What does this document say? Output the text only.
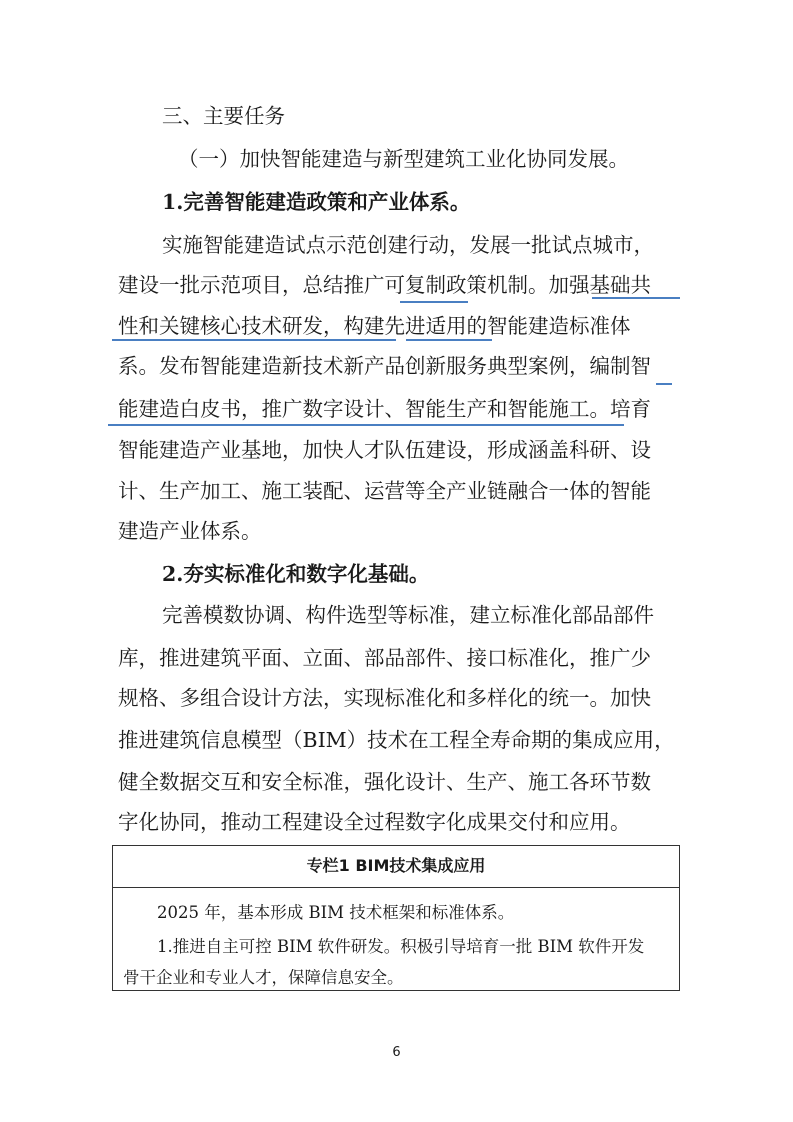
三、主要任务
（一）加快智能建造与新型建筑工业化协同发展。
1.完善智能建造政策和产业体系。
实施智能建造试点示范创建行动，发展一批试点城市，
建设一批示范项目，总结推广可复制政策机制。加强基础共
性和关键核心技术研发，构建先进适用的智能建造标准体
系。发布智能建造新技术新产品创新服务典型案例，编制智
能建造白皮书，推广数字设计、智能生产和智能施工。培育
智能建造产业基地，加快人才队伍建设，形成涵盖科研、设
计、生产加工、施工装配、运营等全产业链融合一体的智能
建造产业体系。
2.夯实标准化和数字化基础。
完善模数协调、构件选型等标准，建立标准化部品部件
库，推进建筑平面、立面、部品部件、接口标准化，推广少
规格、多组合设计方法，实现标准化和多样化的统一。加快
推进建筑信息模型（BIM）技术在工程全寿命期的集成应用，
健全数据交互和安全标准，强化设计、生产、施工各环节数
字化协同，推动工程建设全过程数字化成果交付和应用。
专栏1 BIM技术集成应用
2025 年，基本形成 BIM 技术框架和标准体系。
1.推进自主可控 BIM 软件研发。积极引导培育一批 BIM 软件开发
骨干企业和专业人才，保障信息安全。
6
